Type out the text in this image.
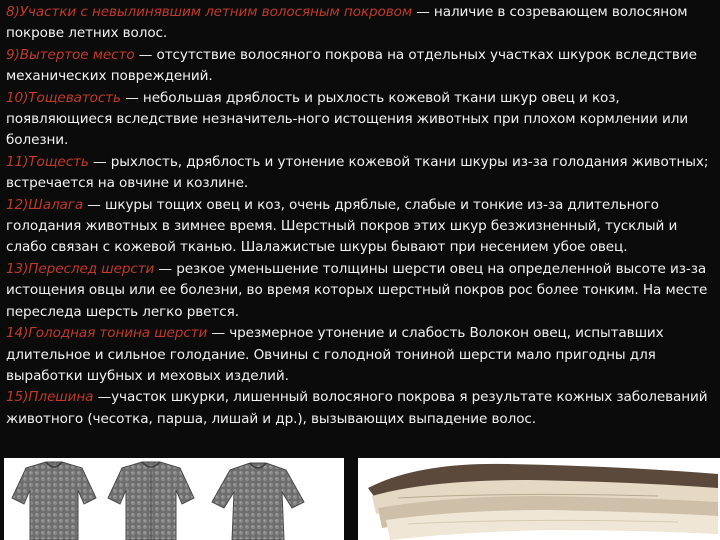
8)Участки с невылинявшим летним волосяным покровом — наличие в созревающем волосяном покрове летних волос.

9)Вытертое место — отсутствие волосяного покрова на отдельных участках шкурок вследствие механических повреждений.

10)Тощеватость — небольшая дряблость и рыхлость кожевой ткани шкур овец и коз, появляющиеся вследствие незначитель-ного истощения животных при плохом кормлении или болезни.

11)Тощесть — рыхлость, дряблость и утонение кожевой ткани шкуры из-за голодания животных; встречается на овчине и козлине.

12)Шалага — шкуры тощих овец и коз, очень дряблые, слабые и тонкие из-за длительного голодания животных в зимнее время. Шерстный покров этих шкур безжизненный, тусклый и слабо связан с кожевой тканью. Шалажистые шкуры бывают при несением убое овец.

13)Переслед шерсти — резкое уменьшение толщины шерсти овец на определенной высоте из-за истощения овцы или ее болезни, во время которых шерстный покров рос более тонким. На месте переследа шерсть легко рвется.

14)Голодная тонина шерсти — чрезмерное утонение и слабость Волокон овец, испытавших длительное и сильное голодание. Овчины с голодной тониной шерсти мало пригодны для выработки шубных и меховых изделий.

15)Плешина —участок шкурки, лишенный волосяного покрова я результате кожных заболеваний животного (чесотка, парша, лишай и др.), вызывающих выпадение волос.
